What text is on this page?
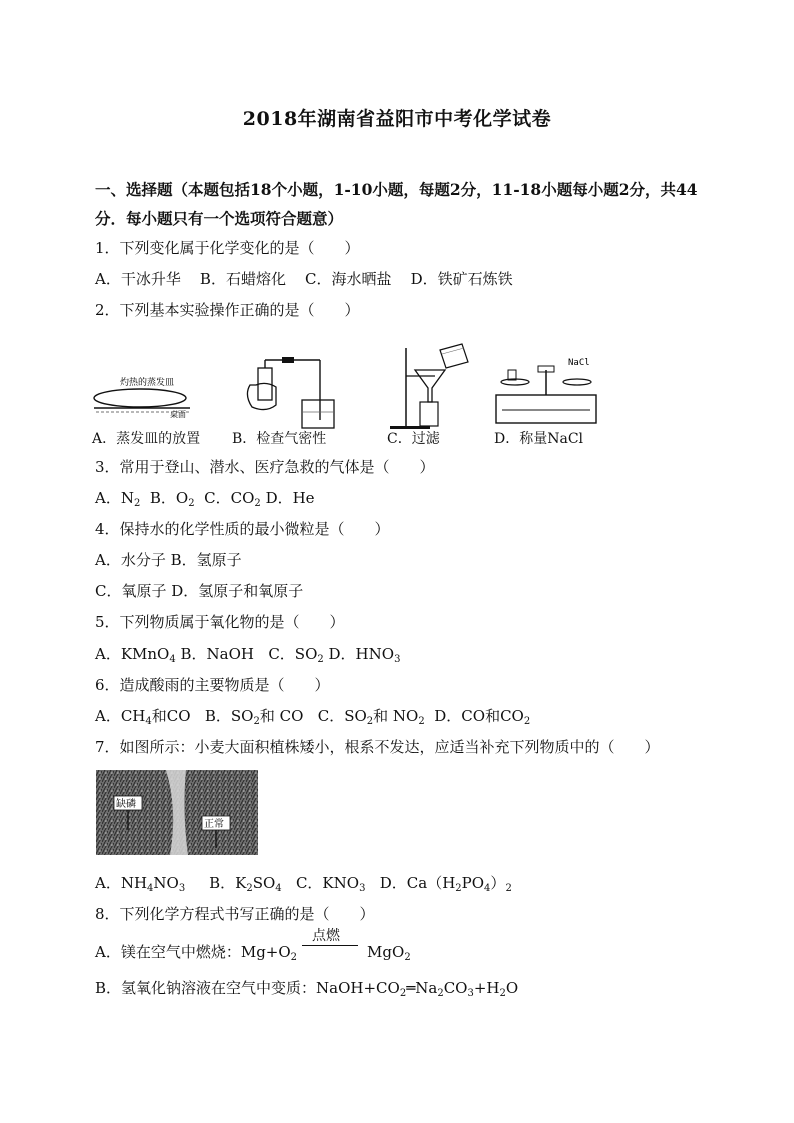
2018年湖南省益阳市中考化学试卷
一、选择题（本题包括18个小题，1-10小题，每题2分，11-18小题每小题2分，共44
分．每小题只有一个选项符合题意）
1．下列变化属于化学变化的是（　　）
A．干冰升华 B．石蜡熔化 C．海水晒盐 D．铁矿石炼铁
2．下列基本实验操作正确的是（　　）
灼热的蒸发皿
桌面
NaCl
A．蒸发皿的放置 B．检查气密性	C．过滤	D．称量NaCl
3．常用于登山、潜水、医疗急救的气体是（　　）
A．$N_2$ B．$O_2$ C．$CO_2$ D．He
4．保持水的化学性质的最小微粒是（　　）
A．水分子 B．氢原子
C．氧原子 D．氢原子和氧原子
5．下列物质属于氧化物的是（　　）
A．KMnO$_4$ B．NaOH C．$SO_2$ D．$HNO_3$
6．造成酸雨的主要物质是（　　）
A．$CH_4$和CO B．$SO_2$和 CO C．$SO_2$和 $NO_2$ D．CO和$CO_2$
7．如图所示：小麦大面积植株矮小，根系不发达，应适当补充下列物质中的（　　）
缺磷
正常
A．$NH_4NO_3$ B．$K_2SO_4$ C．$KNO_3$ D．$Ca(H_2PO_4)_2$
8．下列化学方程式书写正确的是（　　）
A．镁在空气中燃烧：$Mg+O_2$	MgO$_2$
点燃
B．氢氧化钠溶液在空气中变质：$NaOH+CO_2═Na_2CO_3+H_2O$
